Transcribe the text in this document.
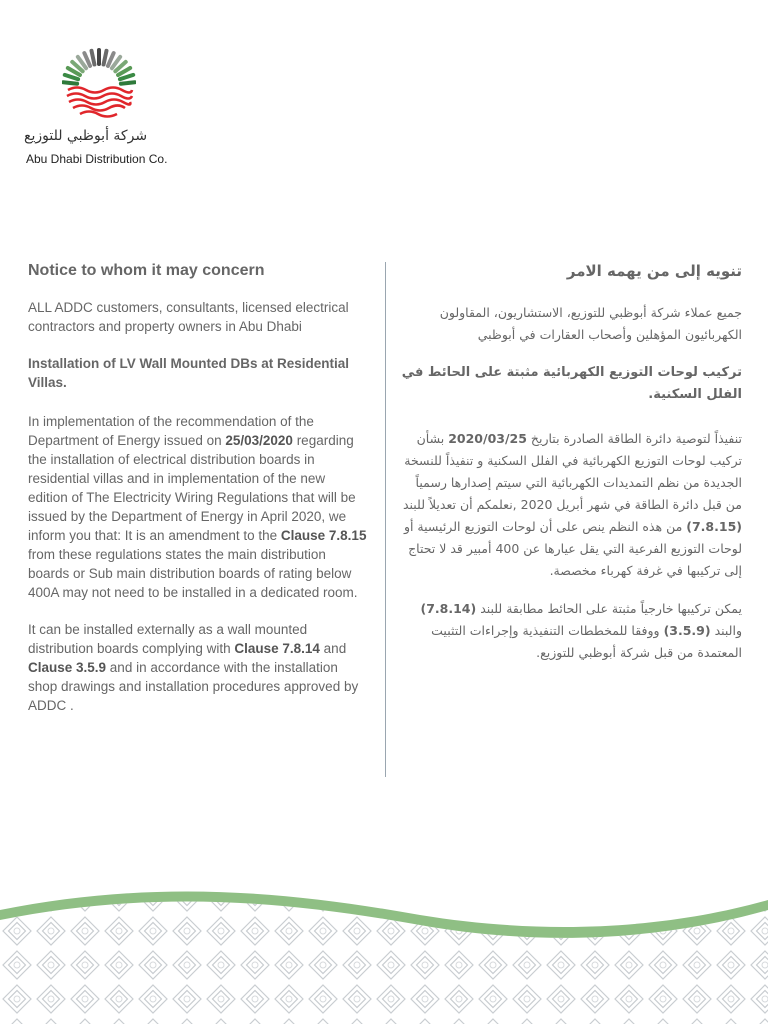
شركة أبوظبي للتوزيع
Abu Dhabi Distribution Co.
Notice to whom it may concern

ALL ADDC customers, consultants, licensed electrical contractors and property owners in Abu Dhabi

Installation of LV Wall Mounted DBs at Residential Villas.

In implementation of the recommendation of the Department of Energy issued on 25/03/2020 regarding the installation of electrical distribution boards in residential villas and in implementation of the new edition of The Electricity Wiring Regulations that will be issued by the Department of Energy in April 2020, we inform you that: It is an amendment to the Clause 7.8.15 from these regulations states the main distribution boards or Sub main distribution boards of rating below 400A may not need to be installed in a dedicated room.

It can be installed externally as a wall mounted distribution boards complying with Clause 7.8.14 and Clause 3.5.9 and in accordance with the installation shop drawings and installation procedures approved by ADDC .

تنويه إلى من يهمه الامر

جميع عملاء شركة أبوظبي للتوزيع، الاستشاريون، المقاولون الكهربائيون المؤهلين وأصحاب العقارات في أبوظبي

تركيب لوحات التوزيع الكهربائية مثبتة على الحائط في الفلل السكنية.

تنفيذاً لتوصية دائرة الطاقة الصادرة بتاريخ 2020/03/25 بشأن تركيب لوحات التوزيع الكهربائية في الفلل السكنية و تنفيذاً للنسخة الجديدة من نظم التمديدات الكهربائية التي سيتم إصدارها رسمياً من قبل دائرة الطاقة في شهر أبريل 2020 ,نعلمكم أن تعديلاً للبند (7.8.15) من هذه النظم ينص على أن لوحات التوزيع الرئيسية أو لوحات التوزيع الفرعية التي يقل عيارها عن 400 أمبير قد لا تحتاج إلى تركيبها في غرفة كهرباء مخصصة.

يمكن تركيبها خارجياً مثبتة على الحائط مطابقة للبند (7.8.14) والبند (3.5.9) ووفقا للمخططات التنفيذية وإجراءات التثبيت المعتمدة من قبل شركة أبوظبي للتوزيع.
